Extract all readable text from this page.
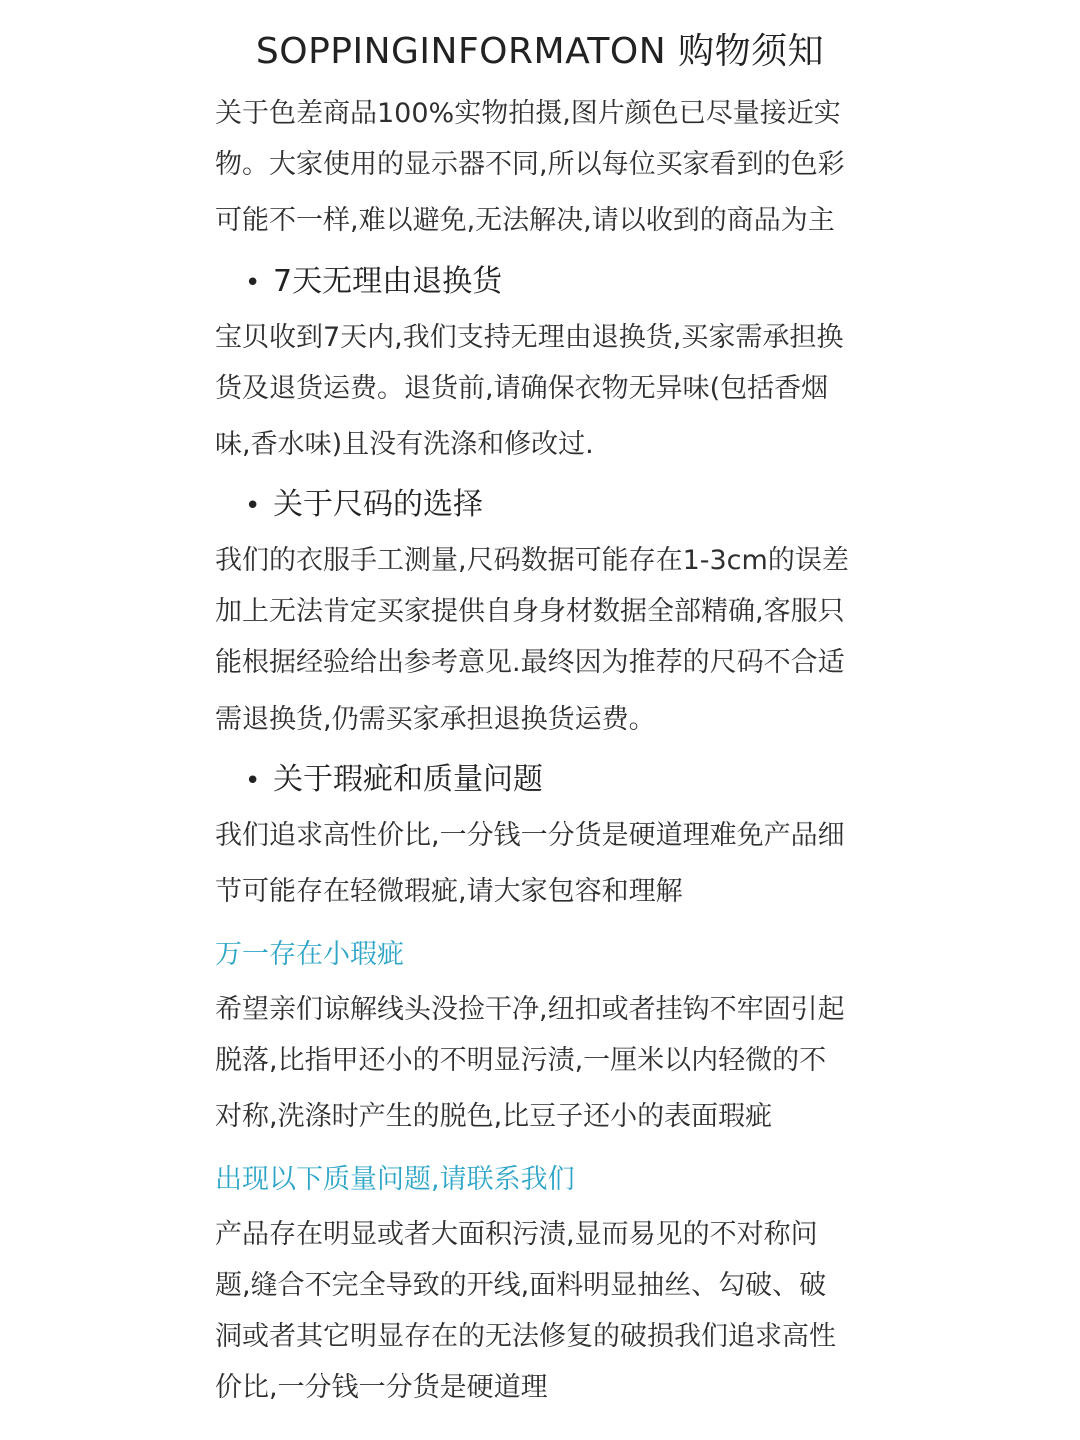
SOPPINGINFORMATON 购物须知
关于色差商品100%实物拍摄,图片颜色已尽量接近实
物。大家使用的显示器不同,所以每位买家看到的色彩
可能不一样,难以避免,无法解决,请以收到的商品为主
• 7天无理由退换货
宝贝收到7天内,我们支持无理由退换货,买家需承担换
货及退货运费。退货前,请确保衣物无异味(包括香烟
味,香水味)且没有洗涤和修改过.
• 关于尺码的选择
我们的衣服手工测量,尺码数据可能存在1-3cm的误差
加上无法肯定买家提供自身身材数据全部精确,客服只
能根据经验给出参考意见.最终因为推荐的尺码不合适
需退换货,仍需买家承担退换货运费。
• 关于瑕疵和质量问题
我们追求高性价比,一分钱一分货是硬道理难免产品细
节可能存在轻微瑕疵,请大家包容和理解
万一存在小瑕疵
希望亲们谅解线头没捡干净,纽扣或者挂钩不牢固引起
脱落,比指甲还小的不明显污渍,一厘米以内轻微的不
对称,洗涤时产生的脱色,比豆子还小的表面瑕疵
出现以下质量问题,请联系我们
产品存在明显或者大面积污渍,显而易见的不对称问
题,缝合不完全导致的开线,面料明显抽丝、勾破、破
洞或者其它明显存在的无法修复的破损我们追求高性
价比,一分钱一分货是硬道理
